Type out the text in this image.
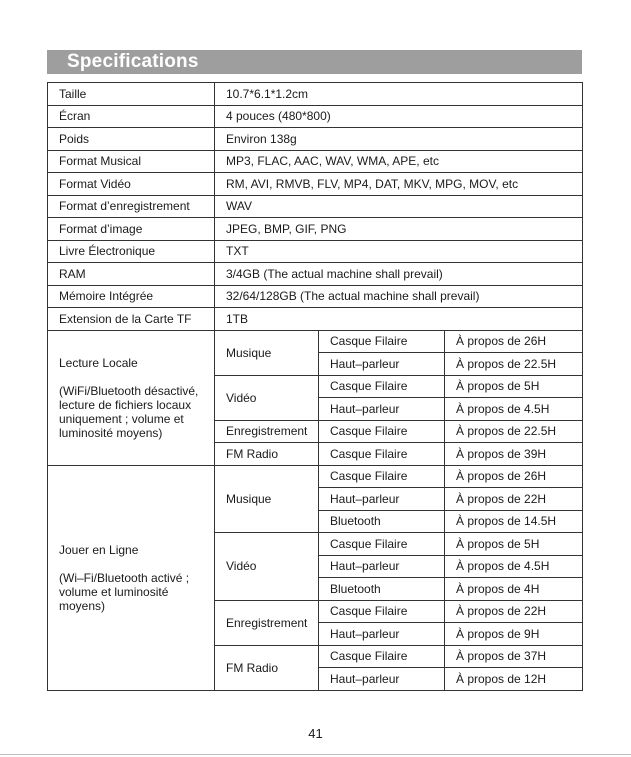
Specifications
Taille	10.7*6.1*1.2cm		
Écran	4 pouces (480*800)		
Poids	Environ 138g		
Format Musical	MP3, FLAC, AAC, WAV, WMA, APE, etc		
Format Vidéo	RM, AVI, RMVB, FLV, MP4, DAT, MKV, MPG, MOV, etc		
Format d’enregistrement	WAV		
Format d’image	JPEG, BMP, GIF, PNG		
Livre Électronique	TXT		
RAM	3/4GB (The actual machine shall prevail)		
Mémoire Intégrée	32/64/128GB (The actual machine shall prevail)		
Extension de la Carte TF	1TB		

Lecture Locale
(WiFi/Bluetooth désactivé, lecture de fichiers locaux uniquement ; volume et luminosité moyens)	Musique	Casque Filaire	À propos de 26H
		Haut–parleur	À propos de 22.5H
	Vidéo	Casque Filaire	À propos de 5H
		Haut–parleur	À propos de 4.5H
	Enregistrement	Casque Filaire	À propos de 22.5H
	FM Radio	Casque Filaire	À propos de 39H

Jouer en Ligne
(Wi–Fi/Bluetooth activé ; volume et luminosité moyens)	Musique	Casque Filaire	À propos de 26H
		Haut–parleur	À propos de 22H
		Bluetooth	À propos de 14.5H
	Vidéo	Casque Filaire	À propos de 5H
		Haut–parleur	À propos de 4.5H
		Bluetooth	À propos de 4H
	Enregistrement	Casque Filaire	À propos de 22H
		Haut–parleur	À propos de 9H
	FM Radio	Casque Filaire	À propos de 37H
		Haut–parleur	À propos de 12H
41
